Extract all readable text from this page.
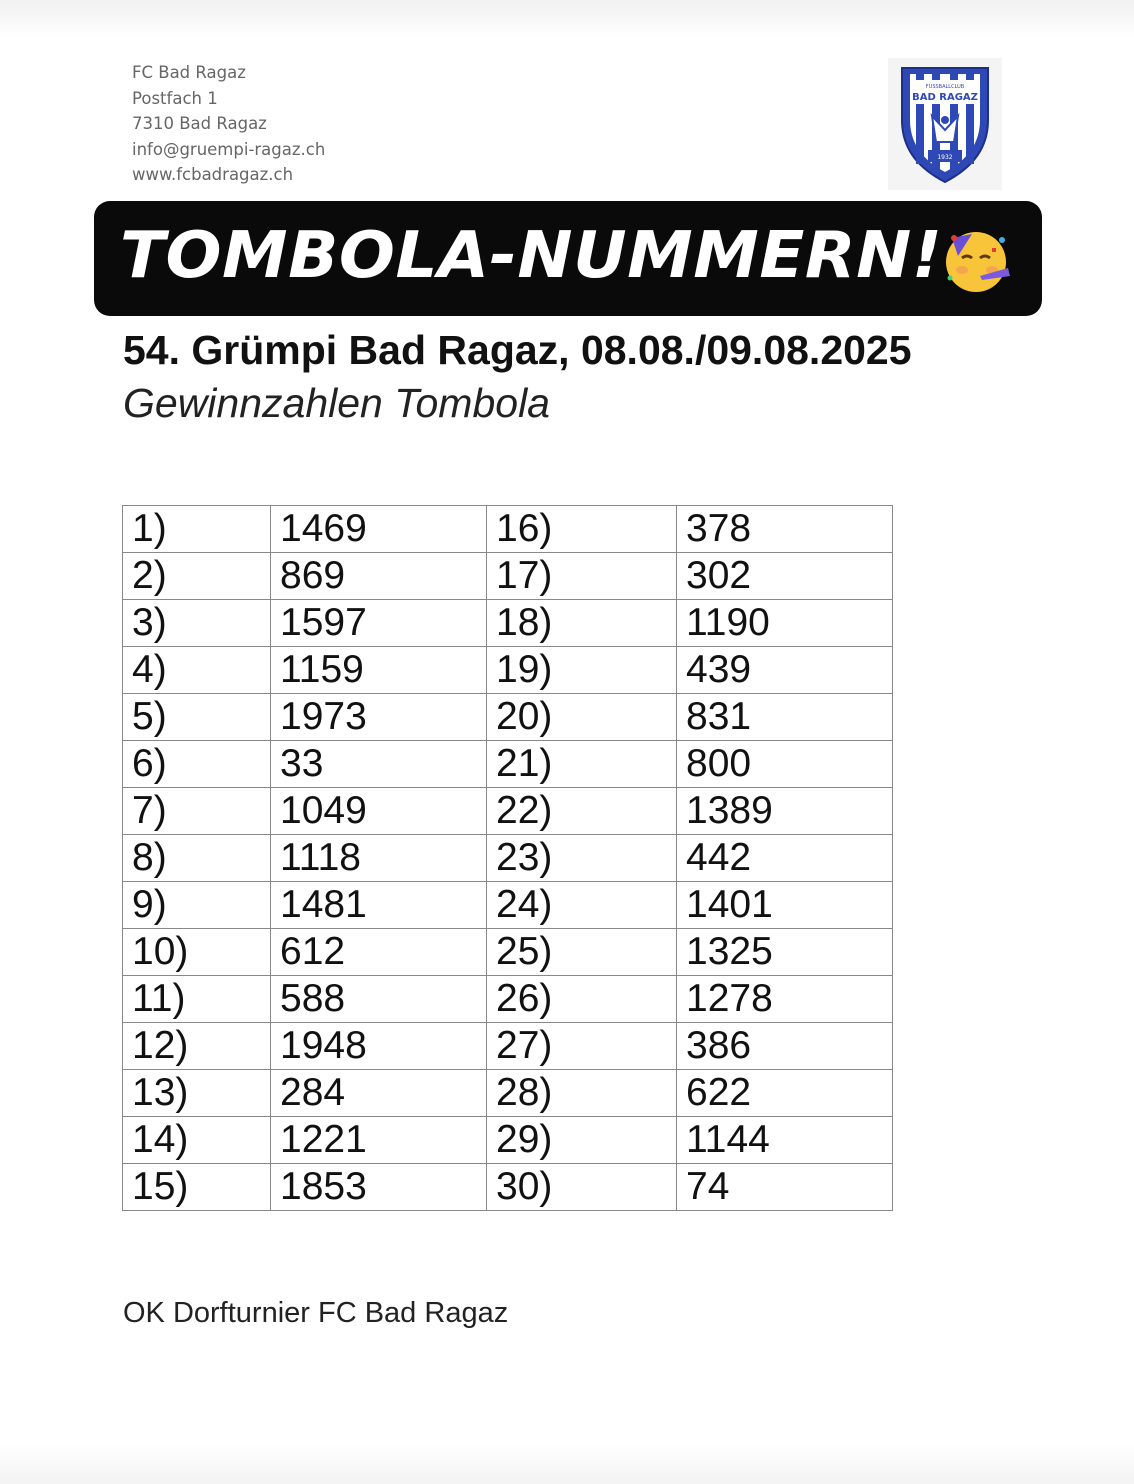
FC Bad Ragaz
Postfach 1
7310 Bad Ragaz
info@gruempi-ragaz.ch
www.fcbadragaz.ch
FUSSBALLCLUB
BAD RAGAZ
1932
TOMBOLA-NUMMERN!
54. Grümpi Bad Ragaz, 08.08./09.08.2025
Gewinnzahlen Tombola
1)	1469	16)	378
2)	869	17)	302
3)	1597	18)	1190
4)	1159	19)	439
5)	1973	20)	831
6)	33	21)	800
7)	1049	22)	1389
8)	1118	23)	442
9)	1481	24)	1401
10)	612	25)	1325
11)	588	26)	1278
12)	1948	27)	386
13)	284	28)	622
14)	1221	29)	1144
15)	1853	30)	74
OK Dorfturnier FC Bad Ragaz
